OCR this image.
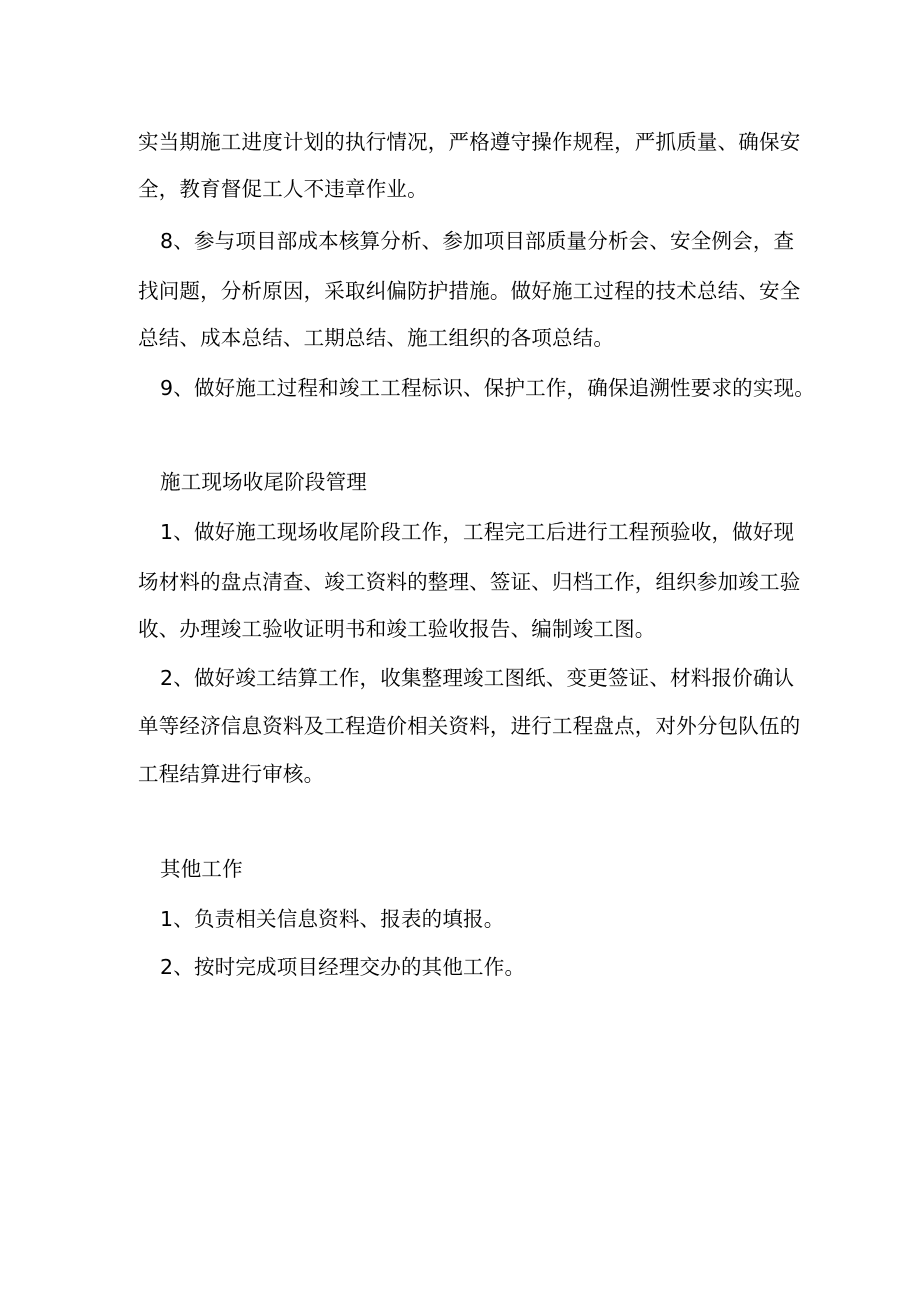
实当期施工进度计划的执行情况，严格遵守操作规程，严抓质量、确保安
全，教育督促工人不违章作业。
8、参与项目部成本核算分析、参加项目部质量分析会、安全例会，查
找问题，分析原因，采取纠偏防护措施。做好施工过程的技术总结、安全
总结、成本总结、工期总结、施工组织的各项总结。
9、做好施工过程和竣工工程标识、保护工作，确保追溯性要求的实现。
施工现场收尾阶段管理
1、做好施工现场收尾阶段工作，工程完工后进行工程预验收，做好现
场材料的盘点清查、竣工资料的整理、签证、归档工作，组织参加竣工验
收、办理竣工验收证明书和竣工验收报告、编制竣工图。
2、做好竣工结算工作，收集整理竣工图纸、变更签证、材料报价确认
单等经济信息资料及工程造价相关资料，进行工程盘点，对外分包队伍的
工程结算进行审核。
其他工作
1、负责相关信息资料、报表的填报。
2、按时完成项目经理交办的其他工作。
